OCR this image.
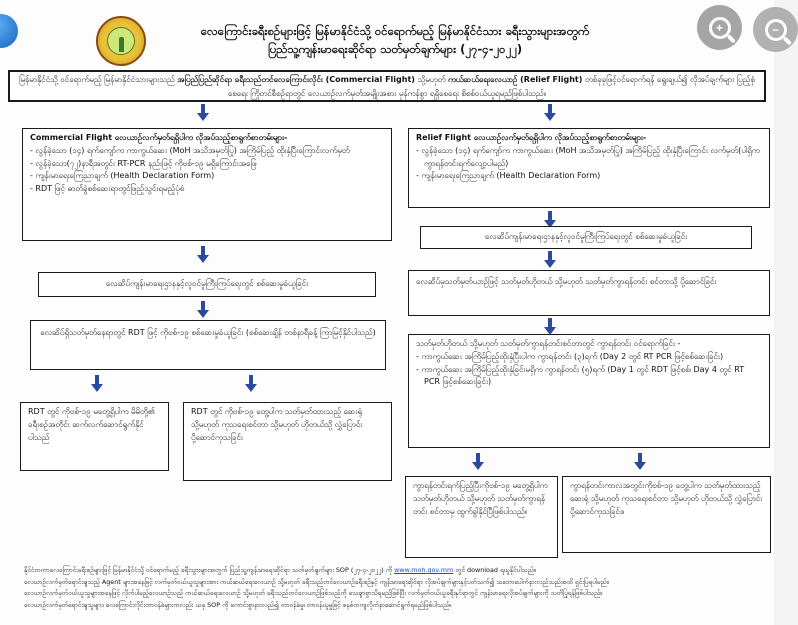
လေကြောင်းခရီးစဉ်များဖြင့် မြန်မာနိုင်ငံသို့ ဝင်ရောက်မည့် မြန်မာနိုင်ငံသား ခရီးသွားများအတွက်
ပြည်သူ့ကျန်းမာရေးဆိုင်ရာ သတ်မှတ်ချက်များ (၂၇-၄-၂၀၂၂)
+	−
မြန်မာနိုင်ငံသို့ ဝင်ရောက်မည့် မြန်မာနိုင်ငံသားများသည် အပြည်ပြည်ဆိုင်ရာ ခရီးသည်တင်လေကြောင်းလိုင်း (Commercial Flight) သို့မဟုတ် ကယ်ဆယ်ရေးလေယာဉ် (Relief Flight) တစ်ခုခုဖြင့်ဝင်ရောက်ရန် ရွေးချယ်၍ လိုအပ်ချက်များ ပြည့်စုံစေရေး ကြိုတင်စီစဉ်ရာတွင် လေယာဉ်လက်မှတ်အမျိုးအစား မှန်ကန်စွာ ရရှိစေရေး စိစစ်ဝယ်ယူရမည်ဖြစ်ပါသည်။
Commercial Flight လေယာဉ်လက်မှတ်ရရှိပါက လိုအပ်သည့်စာရွက်စာတမ်းများ-
- လွန်ခဲ့သော (၁၄) ရက်ကျော်က ကာကွယ်ဆေး (MoH အသိအမှတ်ပြု) အကြိမ်ပြည့် ထိုးနှံပြီးကြောင်းလက်မှတ်
- လွန်ခဲ့သော(၇၂)နာရီအတွင်း RT-PCR နည်းဖြင့် ကိုဗစ်-၁၉ မရှိကြောင်းအဖြေ
- ကျန်းမာရေးကြေညာချက် (Health Declaration Form)
- RDT ဖြင့် ဓာတ်ခွဲစစ်ဆေးရာတွင်ဖြည့်သွင်းရမည့်ပုံစံ
လေဆိပ်ကျန်းမာရေးဌာနနှင့်လူဝင်မှုကြီးကြပ်ရေးတွင် စစ်ဆေးမှုခံယူခြင်း
လေဆိပ်ရှိသတ်မှတ်နေရာတွင် RDT ဖြင့် ကိုဗစ်-၁၉ စစ်ဆေးမှုခံယူခြင်း (စစ်ဆေးချိန် တစ်နာရီခန့် ကြာမြင့်နိုင်ပါသည်)
RDT တွင် ကိုဗစ်-၁၉ မတွေ့ရှိပါက မိမိတို့၏ ခရီးစဉ်အတိုင်း ဆက်လက်ဆောင်ရွက်နိုင်ပါသည်
RDT တွင် ကိုဗစ်-၁၉ တွေ့ပါက သတ်မှတ်ထားသည့် ဆေးရုံ သို့မဟုတ် ကုသရေးစင်တာ သို့မဟုတ် ဟိုတယ်သို့ လွှဲပြောင်းပို့ဆောင်ကုသခြင်း
Relief Flight လေယာဉ်လက်မှတ်ရရှိပါက လိုအပ်သည့်စာရွက်စာတမ်းများ-
- လွန်ခဲ့သော (၁၄) ရက်ကျော်က ကာကွယ်ဆေး (MoH အသိအမှတ်ပြု) အကြိမ်ပြည့် ထိုးနှံပြီးကြောင်း လက်မှတ်(ပါရှိက ကွာရန်တင်းရက်လျော့ပါမည်)
- ကျန်းမာရေးကြေညာချက် (Health Declaration Form)
လေဆိပ်ကျန်းမာရေးဌာနနှင့်လူဝင်မှုကြီးကြပ်ရေးတွင် စစ်ဆေးမှုခံယူခြင်း
လေဆိပ်မှသတ်မှတ်ယာဉ်ဖြင့် သတ်မှတ်ဟိုတယ် သို့မဟုတ် သတ်မှတ်ကွာရန်တင်း စင်တာသို့ ပို့ဆောင်ခြင်း
သတ်မှတ်ဟိုတယ် သို့မဟုတ် သတ်မှတ်ကွာရန်တင်းစင်တာတွင် ကွာရန်တင်း ဝင်ရောက်ခြင်း -
- ကာကွယ်ဆေး အကြိမ်ပြည့်ထိုးနှံပြီးပါက ကွာရန်တင်း (၃)ရက် (Day 2 တွင် RT PCR ဖြင့်စစ်ဆေးခြင်း)
- ကာကွယ်ဆေး အကြိမ်ပြည့်ထိုးနှံခြင်းမရှိက ကွာရန်တင်း (၅)ရက် (Day 1 တွင် RDT ဖြင့်စစ်၊ Day 4 တွင် RT PCR ဖြင့်စစ်ဆေးခြင်း)
ကွာရန်တင်းရက်ပြည့်ပြီးကိုဗစ်-၁၉ မတွေ့ရှိပါက သတ်မှတ်ဟိုတယ် သို့မဟုတ် သတ်မှတ်ကွာရန်တင်း စင်တာမှ ထွက်ခွါနိုင်ပြီဖြစ်ပါသည်။
ကွာရန်တင်းကာလအတွင်းကိုဗစ်-၁၉ တွေ့ပါက သတ်မှတ်ထားသည့် ဆေးရုံ သို့မဟုတ် ကုသရေးစင်တာ သို့မဟုတ် ဟိုတယ်သို့ လွှဲပြောင်းပို့ဆောင်ကုသခြင်း။
နိုင်ငံတကာလေကြောင်းခရီးစဉ်များဖြင့် မြန်မာနိုင်ငံသို့ ဝင်ရောက်မည့် ခရီးသွားများအတွက် ပြည်သူ့ကျန်းမာရေးဆိုင်ရာ သတ်မှတ်ချက်များ SOP (၂၇-၄-၂၀၂၂) ကို www.moh.gov.mm တွင် download ရယူနိုင်ပါသည်။
လေယာဉ်လက်မှတ်ရောင်းချသည့် Agent များအနေဖြင့် လက်မှတ်ဝယ်ယူသူများအား ကယ်ဆယ်ရေးလေယာဉ် သို့မဟုတ် ခရီးသည်တင်လေယာဉ်ခရီးစဉ်နှင့် ကျန်းမာရေးဆိုင်ရာ လိုအပ်ချက်များနှင့်ပတ်သက်၍ သဘောပေါက်နားလည်သည်အထိ ရှင်းပြရပါမည်။
လေယာဉ်လက်မှတ်ဝယ်ယူသူများအနေဖြင့် လိုက်ပါမည့်လေယာဉ်သည် ကယ်ဆယ်ရေးလေယာဉ် သို့မဟုတ် ခရီးသည်တင်လေယာဉ်ဖြစ်သည်ကို သေချာစွာသိရမည်ဖြစ်ပြီး လက်မှတ်ဝယ်ယူခရီးနှင်ရာတွင် ကျန်းမာရေးလိုအပ်ချက်များကို သတိပြုရန်ဖြစ်ပါသည်။
လေယာဉ်လက်မှတ်ရောင်းချသူများ၊ လေကြောင်းလိုင်းတာဝန်ခံများကလည်း ယခု SOP ကို ကောင်းစွာနားလည်၍ တာဝန်ခံမှု၊ တာဝန်ယူမှုဖြင့် စနစ်တကျလိုက်နာဆောင်ရွက်ရမည်ဖြစ်ပါသည်။
